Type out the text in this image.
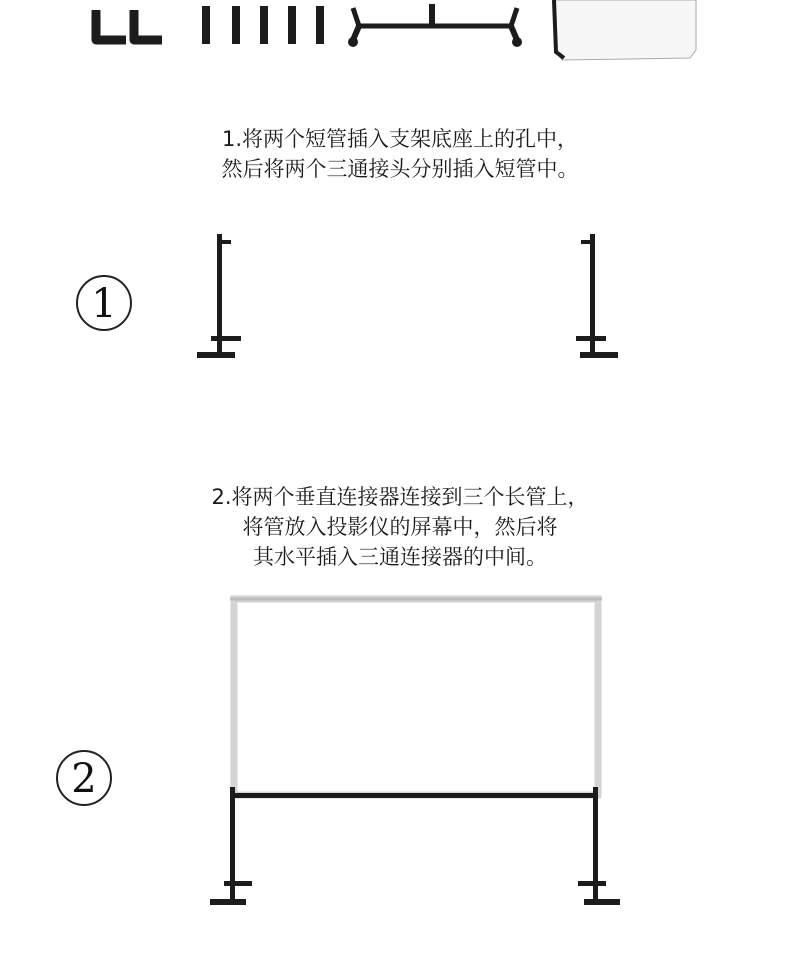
1.将两个短管插入支架底座上的孔中，
然后将两个三通接头分别插入短管中。
1
2.将两个垂直连接器连接到三个长管上，
将管放入投影仪的屏幕中，然后将
其水平插入三通连接器的中间。
2
